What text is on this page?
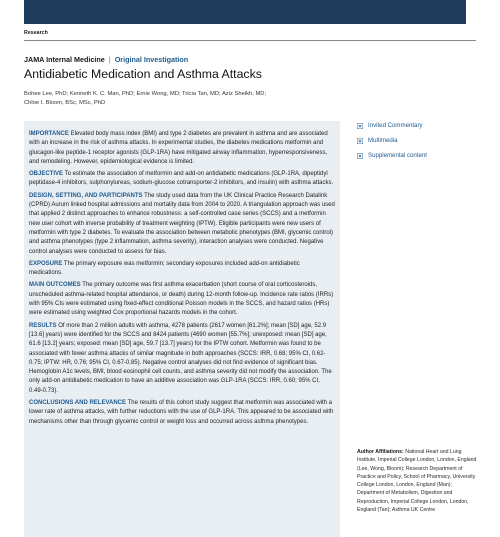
Research
JAMA Internal Medicine | Original Investigation
Antidiabetic Medication and Asthma Attacks
Bohee Lee, PhD; Kenneth K. C. Man, PhD; Ernie Wong, MD; Tricia Tan, MD; Aziz Sheikh, MD;
Chloe I. Bloom, BSc, MSc, PhD
IMPORTANCE Elevated body mass index (BMI) and type 2 diabetes are prevalent in asthma and are associated with an increase in the risk of asthma attacks. In experimental studies, the diabetes medications metformin and glucagon-like peptide-1 receptor agonists (GLP-1RA) have mitigated airway inflammation, hyperresponsiveness, and remodeling. However, epidemiological evidence is limited.
OBJECTIVE To estimate the association of metformin and add-on antidiabetic medications (GLP-1RA, dipeptidyl peptidase-4 inhibitors, sulphonylureas, sodium-glucose cotransporter-2 inhibitors, and insulin) with asthma attacks.
DESIGN, SETTING, AND PARTICIPANTS The study used data from the UK Clinical Practice Research Datalink (CPRD) Aurum linked hospital admissions and mortality data from 2004 to 2020. A triangulation approach was used that applied 2 distinct approaches to enhance robustness: a self-controlled case series (SCCS) and a metformin new user cohort with inverse probability of treatment weighting (IPTW). Eligible participants were new users of metformin with type 2 diabetes. To evaluate the association between metabolic phenotypes (BMI, glycemic control) and asthma phenotypes (type 2 inflammation, asthma severity), interaction analyses were conducted. Negative control analyses were conducted to assess for bias.
EXPOSURE The primary exposure was metformin; secondary exposures included add-on antidiabetic medications.
MAIN OUTCOMES The primary outcome was first asthma exacerbation (short course of oral corticosteroids, unscheduled asthma-related hospital attendance, or death) during 12-month follow-up. Incidence rate ratios (IRRs) with 95% CIs were estimated using fixed-effect conditional Poisson models in the SCCS, and hazard ratios (HRs) were estimated using weighted Cox proportional hazards models in the cohort.
RESULTS Of more than 2 million adults with asthma, 4278 patients (2617 women [61.2%]; mean [SD] age, 52.9 [13.6] years) were identified for the SCCS and 8424 patients (4690 women [55.7%]; unexposed: mean [SD] age, 61.6 [13.2] years; exposed: mean [SD] age, 59.7 [13.7] years) for the IPTW cohort. Metformin was found to be associated with fewer asthma attacks of similar magnitude in both approaches (SCCS: IRR, 0.68; 95% CI, 0.62-0.75; IPTW: HR, 0.76; 95% CI, 0.67-0.85). Negative control analyses did not find evidence of significant bias. Hemoglobin A1c levels, BMI, blood eosinophil cell counts, and asthma severity did not modify the association. The only add-on antidiabetic medication to have an additive association was GLP-1RA (SCCS: IRR, 0.60; 95% CI, 0.49-0.73).
CONCLUSIONS AND RELEVANCE The results of this cohort study suggest that metformin was associated with a lower rate of asthma attacks, with further reductions with the use of GLP-1RA. This appeared to be associated with mechanisms other than through glycemic control or weight loss and occurred across asthma phenotypes.
Invited Commentary
Multimedia
Supplemental content
Author Affiliations: National Heart and Lung Institute, Imperial College London, London, England (Lee, Wong, Bloom); Research Department of Practice and Policy, School of Pharmacy, University College London, London, England (Man); Department of Metabolism, Digestion and Reproduction, Imperial College London, London, England (Tan); Asthma UK Centre
